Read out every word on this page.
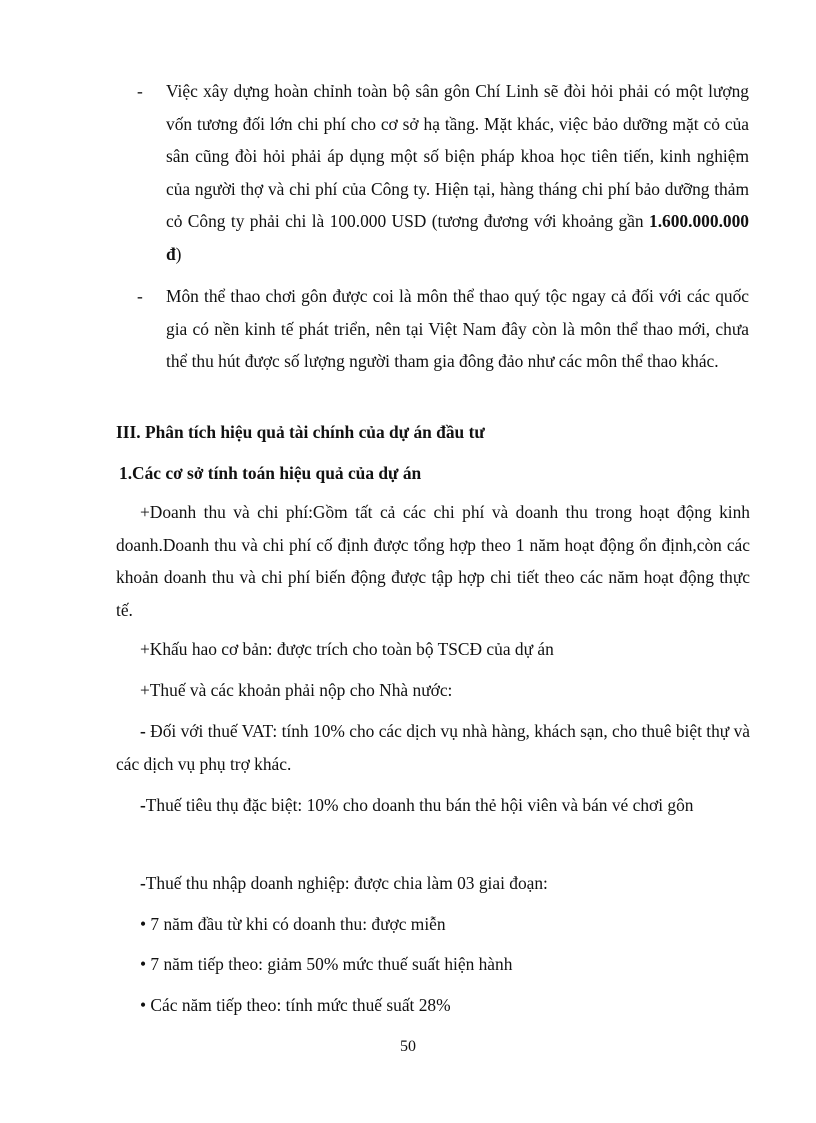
- Việc xây dựng hoàn chỉnh toàn bộ sân gôn Chí Linh sẽ đòi hỏi phải có một lượng vốn tương đối lớn chi phí cho cơ sở hạ tầng. Mặt khác, việc bảo dưỡng mặt cỏ của sân cũng đòi hỏi phải áp dụng một số biện pháp khoa học tiên tiến, kinh nghiệm của người thợ và chi phí của Công ty. Hiện tại, hàng tháng chi phí bảo dưỡng thảm cỏ Công ty phải chi là 100.000 USD (tương đương với khoảng gần 1.600.000.000 đ)
- Môn thể thao chơi gôn được coi là môn thể thao quý tộc ngay cả đối với các quốc gia có nền kinh tế phát triển, nên tại Việt Nam đây còn là môn thể thao mới, chưa thể thu hút được số lượng người tham gia đông đảo như các môn thể thao khác.
III. Phân tích hiệu quả tài chính của dự án đầu tư
1.Các cơ sở tính toán hiệu quả của dự án
+Doanh thu và chi phí:Gồm tất cả các chi phí và doanh thu trong hoạt động kinh doanh.Doanh thu và chi phí cố định được tổng hợp theo 1 năm hoạt động ổn định,còn các khoản doanh thu và chi phí biến động được tập hợp chi tiết theo các năm hoạt động thực tế.
+Khấu hao cơ bản: được trích cho toàn bộ TSCĐ của dự án
+Thuế và các khoản phải nộp cho Nhà nước:
- Đối với thuế VAT: tính 10% cho các dịch vụ nhà hàng, khách sạn, cho thuê biệt thự và các dịch vụ phụ trợ khác.
-Thuế tiêu thụ đặc biệt: 10% cho doanh thu bán thẻ hội viên và bán vé chơi gôn
-Thuế thu nhập doanh nghiệp: được chia làm 03 giai đoạn:
• 7 năm đầu từ khi có doanh thu: được miễn
• 7 năm tiếp theo: giảm 50% mức thuế suất hiện hành
• Các năm tiếp theo: tính mức thuế suất 28%
50
